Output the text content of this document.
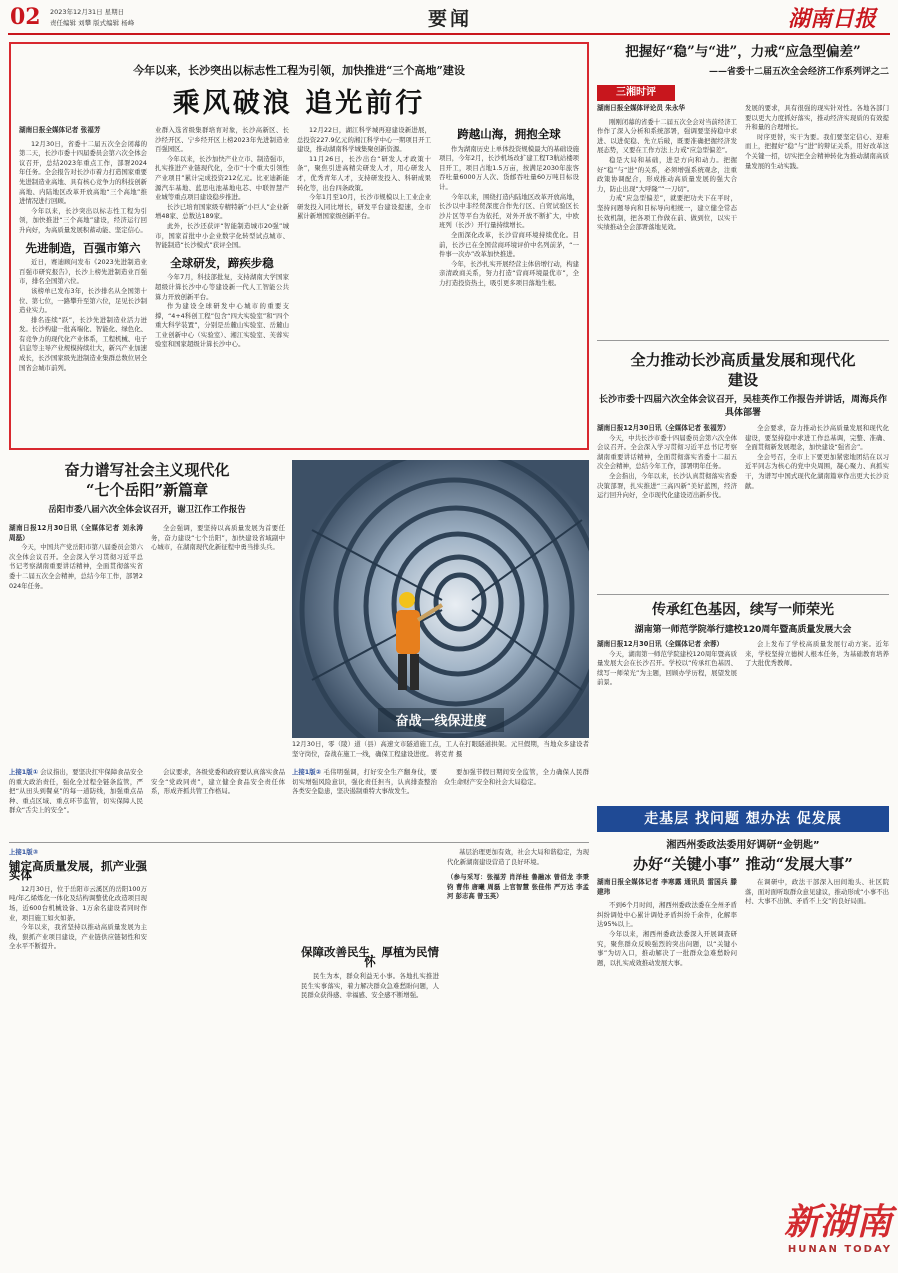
02 2023年12月31日 星期日
责任编辑 刘攀 版式编辑 杨峰	要闻	湖南日报
今年以来，长沙突出以标志性工程为引领，加快推进“三个高地”建设
乘风破浪 追光前行
湖南日报全媒体记者 张福芳

12月30日，省委十二届五次全会闭幕的第二天，长沙市委十四届委员会第六次全体会议召开，总结2023年重点工作，部署2024年任务。全会报告对长沙市着力打造国家重要先进制造业高地、具有核心竞争力的科技创新高地、内陆地区改革开放高地“三个高地”推进情况进行回顾。

今年以来，长沙突出以标志性工程为引领，加快推进“三个高地”建设，经济运行回升向好，为高质量发展积蓄动能、坚定信心。

先进制造，百强市第六

近日，赛迪顾问发布《2023先进制造业百强市研究报告》，长沙上榜先进制造业百强市，排名全国第六位。

该榜单已发布3年，长沙排名从全国第十位、第七位，一路攀升至第六位，足见长沙制造业实力。

排名连续“跃”，长沙先进制造业活力迸发。长沙构建一批高端化、智能化、绿色化、有竞争力的现代化产业体系，工程机械、电子信息等主导产业规模持续壮大，新兴产业加速成长，长沙国家级先进制造业集群总数位居全国省会城市前列。

业群入选省级集群培育对象，长沙高新区、长沙经开区、宁乡经开区上榜2023年先进制造业百强园区。

今年以来，长沙加快产业立市、制造强市，扎实推进产业链现代化，全市“十个重大引领性产业项目”累计完成投资212亿元。比亚迪新能源汽车基地、蓝思电池基地电芯、中联智慧产业城等重点项目建设稳步推进。

长沙已培育国家级专精特新“小巨人”企业新增48家、总数达189家。

此外，长沙还获评“智能制造城市20强”城市，国家首批中小企业数字化转型试点城市、智能制造“长沙模式”获评全国。

全球研发，蹄疾步稳

今年7月，科技部批复，支持湖南大学国家超级计算长沙中心等建设新一代人工智能公共算力开放创新平台。

作为建设全球研发中心城市的重要支撑，“4+4科创工程”包含“四大实验室”和“四个重大科学装置”，分别是岳麓山实验室、岳麓山工业创新中心（实验室）、湘江实验室、芙蓉实验室和国家超级计算长沙中心。

12月22日，湖江科学城再迎建设新进展，总投资227.9亿元的湘江科学中心一期项目开工建设，推动湖南科学城集聚创新资源。

11月26日，长沙出台“研发人才政策十条”，聚焦引进高精尖研发人才，用心研发人才，优秀青年人才，支持研发投入、科研成果转化等，出台四条政策。

今年1月至10月，长沙市规模以上工业企业研发投入同比增长，研发平台建设提速，全市累计新增国家级创新平台。

跨越山海，拥抱全球

作为湖南历史上单体投资规模最大的基础设施项目，今年2月，长沙机场改扩建工程T3航站楼项目开工，项目占地1.5万亩，按满足2030年旅客吞吐量6000万人次、货邮吞吐量60万吨目标设计。

今年以来，围绕打造内陆地区改革开放高地，长沙以中非经贸深度合作先行区、自贸试验区长沙片区等平台为依托，对外开放不断扩大，中欧班列（长沙）开行量持续增长。

全面深化改革，长沙营商环境持续优化。目前，长沙已在全国营商环境评价中名列前茅，“一件事一次办”改革加快推进。

今年，长沙扎实开展经营主体倍增行动，构建亲清政商关系，努力打造“营商环境最优市”，全力打造投资热土，吸引更多项目落地生根。

把握好“稳”与“进”，力戒“应急型偏差”
——省委十二届五次全会经济工作系列评之二
三湘时评
湖南日报全媒体评论员 朱永华

刚刚闭幕的省委十二届五次全会对当前经济工作作了深入分析和系统部署，强调要坚持稳中求进、以进促稳、先立后破，既要准确把握经济发展态势，又要在工作方法上力戒“应急型偏差”。

稳是大局和基础，进是方向和动力。把握好“稳”与“进”的关系，必须增强系统观念，注重政策协调配合，形成推动高质量发展的强大合力，防止出现“大呼隆”“一刀切”。

力戒“应急型偏差”，就要把功夫下在平时，坚持问题导向和目标导向相统一，建立健全常态长效机制，把各项工作做在前、做到位，以实干实绩推动全会部署落地见效。

发展的要求，具有很强的现实针对性。各地各部门要以更大力度抓好落实，推动经济实现质的有效提升和量的合理增长。

时序更替，实干为要。我们要坚定信心、迎难而上，把握好“稳”与“进”的辩证关系，用好改革这个关键一招，切实把全会精神转化为推动湖南高质量发展的生动实践。

全力推动长沙高质量发展和现代化建设
长沙市委十四届六次全体会议召开，吴桂英作工作报告并讲话，周海兵作具体部署
湖南日报12月30日讯（全媒体记者 张福芳）

今天，中共长沙市委十四届委员会第六次全体会议召开。全会深入学习贯彻习近平总书记考察湖南重要讲话精神，全面贯彻落实省委十二届五次全会精神，总结今年工作，部署明年任务。

全会指出，今年以来，长沙认真贯彻落实省委决策部署，扎实推进“三高四新”美好蓝图，经济运行回升向好，全市现代化建设迈出新步伐。

全会要求，奋力推动长沙高质量发展和现代化建设，要坚持稳中求进工作总基调，完整、准确、全面贯彻新发展理念，加快建设“强省会”。

全会号召，全市上下要更加紧密地团结在以习近平同志为核心的党中央周围，凝心聚力、真抓实干，为谱写中国式现代化湖南篇章作出更大长沙贡献。

传承红色基因，续写一师荣光
湖南第一师范学院举行建校120周年暨高质量发展大会
湖南日报12月30日讯（全媒体记者 余蓉）

今天，湖南第一师范学院建校120周年暨高质量发展大会在长沙召开。学校以“传承红色基因、续写一师荣光”为主题，回顾办学历程，展望发展前景。

会上发布了学校高质量发展行动方案。近年来，学校坚持立德树人根本任务，为基础教育培养了大批优秀教师。

走基层 找问题 想办法 促发展
湘西州委政法委用好调研“金钥匙”
办好“关键小事” 推动“发展大事”
湖南日报全媒体记者 李寒露 通讯员 雷国兵 滕建玮

不到6个月时间，湘西州委政法委在全州矛盾纠纷调处中心累计调处矛盾纠纷千余件，化解率达95%以上。

今年以来，湘西州委政法委深入开展调查研究，聚焦群众反映强烈的突出问题，以“关键小事”为切入口，推动解决了一批群众急难愁盼问题，以扎实成效推动发展大事。

在调研中，政法干部深入田间地头、社区院落，面对面听取群众意见建议，推动形成“小事不出村、大事不出镇、矛盾不上交”的良好局面。

奋力谱写社会主义现代化
“七个岳阳”新篇章
岳阳市委八届六次全体会议召开，谢卫江作工作报告
湖南日报12月30日讯（全媒体记者 刘永涛 周磊）

今天，中国共产党岳阳市第八届委员会第六次全体会议召开。全会深入学习贯彻习近平总书记考察湖南重要讲话精神，全面贯彻落实省委十二届五次全会精神，总结今年工作，部署2024年任务。

全会强调，要坚持以高质量发展为首要任务，奋力建设“七个岳阳”，加快建设省域副中心城市，在湖南现代化新征程中勇当排头兵。

奋战一线保进度
12月30日，零（陵）道（县）高速文市隧道施工点，工人在打眼隧道拱架。元旦假期，当地众多建设者坚守岗位，奋战在施工一线，确保工程建设进度。 蒋克青 摄
上接1版① 会议指出，要坚决扛牢保障食品安全的重大政治责任，强化全过程全链条监管，严把“从田头到餐桌”的每一道防线，加强重点品种、重点区域、重点环节监管，切实保障人民群众“舌尖上的安全”。

会议要求，各级党委和政府要认真落实食品安全“党政同责”，建立健全食品安全责任体系，形成齐抓共管工作格局。

上接1版② 毛伟明强调，打好安全生产翻身仗，要切实增强风险意识，强化责任担当，认真排查整治各类安全隐患，坚决遏制重特大事故发生。

要加强节假日期间安全监管，全力确保人民群众生命财产安全和社会大局稳定。

上接1版③
铺定高质量发展，抓产业强实体

12月30日，位于岳阳市云溪区的岳阳100万吨/年乙烯炼化一体化及结构调整优化改造项目现场，近600台机械设备、1万余名建设者同时作业，项目施工如火如荼。

今年以来，我省坚持以推动高质量发展为主线，狠抓产业项目建设，产业链供应链韧性和安全水平不断提升。	保障改善民生，厚植为民情怀

民生为本，群众利益无小事。各地扎实推进民生实事落实，着力解决群众急难愁盼问题，人民群众获得感、幸福感、安全感不断增强。

基层治理更加有效，社会大局和谐稳定，为现代化新湖南建设营造了良好环境。

（参与采写：张福芳 肖洋桂 鲁融冰 曾佰龙 李秉钧 曹伟 唐曦 周磊 上官智慧 张佳伟 严万达 李孟河 彭志高 曾玉英）

新湖南
HUNAN TODAY
